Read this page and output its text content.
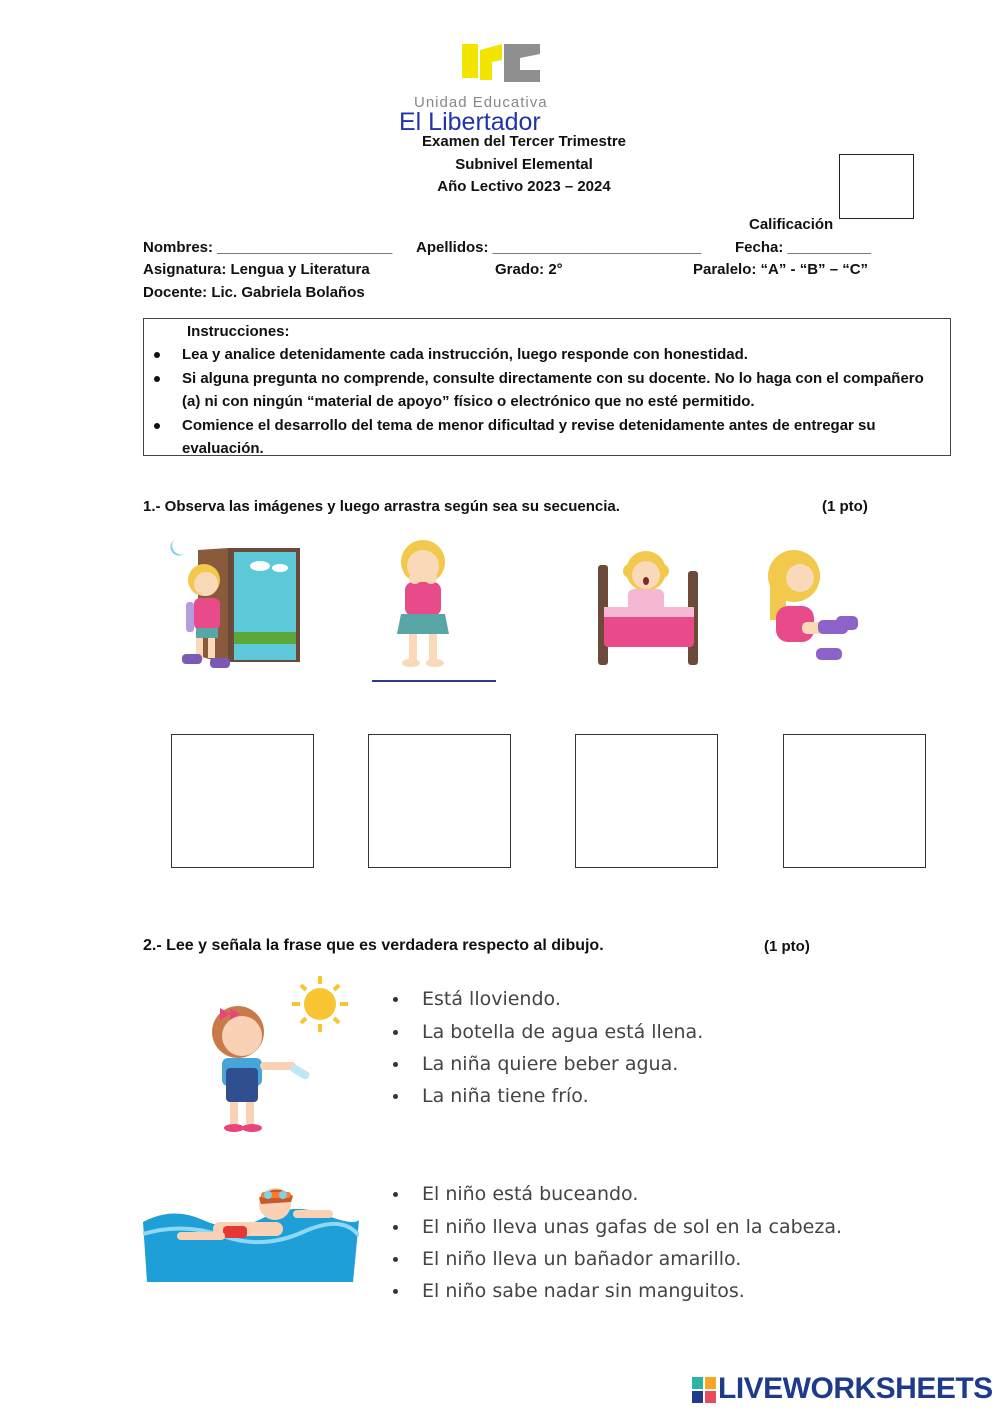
Unidad Educativa
El Libertador
Examen del Tercer Trimestre
Subnivel Elemental
Año Lectivo 2023 – 2024
Calificación
Nombres: _____________________ Apellidos: _________________________ Fecha: __________
Asignatura: Lengua y Literatura	Grado: 2°	Paralelo: “A” - “B” – “C”
Docente: Lic. Gabriela Bolaños
Instrucciones:
Lea y analice detenidamente cada instrucción, luego responde con honestidad.
Si alguna pregunta no comprende, consulte directamente con su docente. No lo haga con el compañero (a) ni con ningún “material de apoyo” físico o electrónico que no esté permitido.
Comience el desarrollo del tema de menor dificultad y revise detenidamente antes de entregar su evaluación.
1.- Observa las imágenes y luego arrastra según sea su secuencia.	(1 pto)
2.- Lee y señala la frase que es verdadera respecto al dibujo.	(1 pto)
Está lloviendo.
La botella de agua está llena.
La niña quiere beber agua.
La niña tiene frío.
El niño está buceando.
El niño lleva unas gafas de sol en la cabeza.
El niño lleva un bañador amarillo.
El niño sabe nadar sin manguitos.
LIVEWORKSHEETS
